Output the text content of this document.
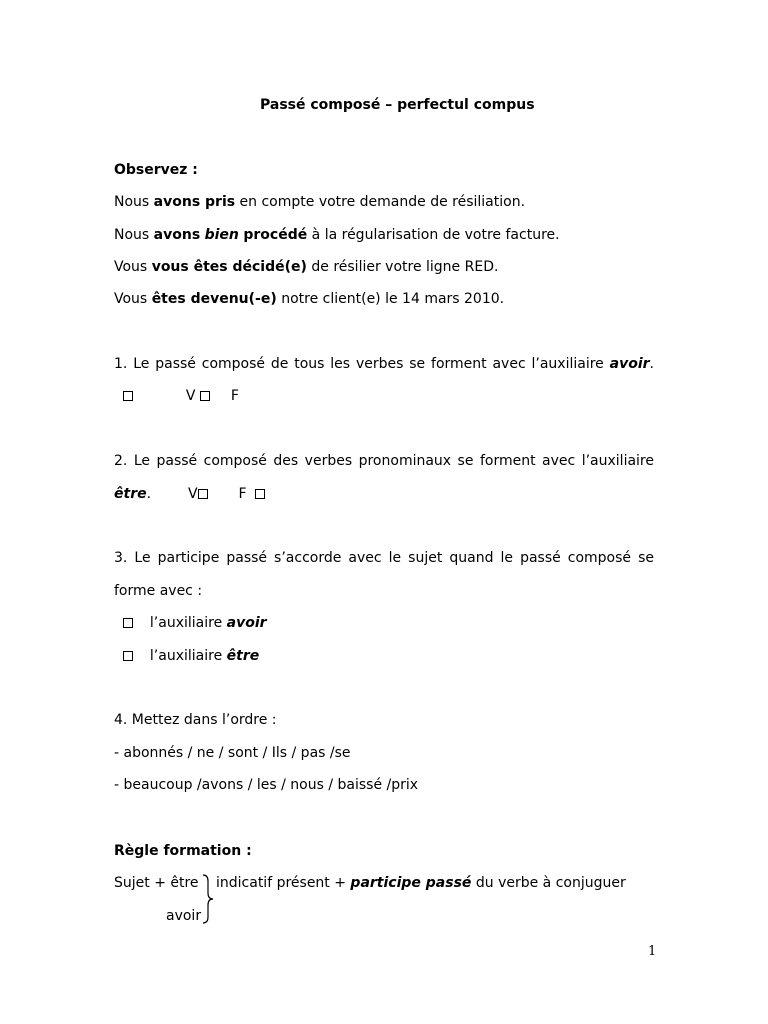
Passé composé – perfectul compus
Observez :
Nous avons pris en compte votre demande de résiliation.
Nous avons bien procédé à la régularisation de votre facture.
Vous vous êtes décidé(e) de résilier votre ligne RED.
Vous êtes devenu(-e) notre client(e) le 14 mars 2010.
1. Le passé composé de tous les verbes se forment avec l’auxiliaire avoir.
V	F
2. Le passé composé des verbes pronominaux se forment avec l’auxiliaire
être.	V	F
3. Le participe passé s’accorde avec le sujet quand le passé composé se
forme avec :
l’auxiliaire avoir
l’auxiliaire être
4. Mettez dans l’ordre :
- abonnés / ne / sont / Ils / pas /se
- beaucoup /avons / les / nous / baissé /prix
Règle formation :
Sujet + être indicatif présent + participe passé du verbe à conjuguer
avoir
1
